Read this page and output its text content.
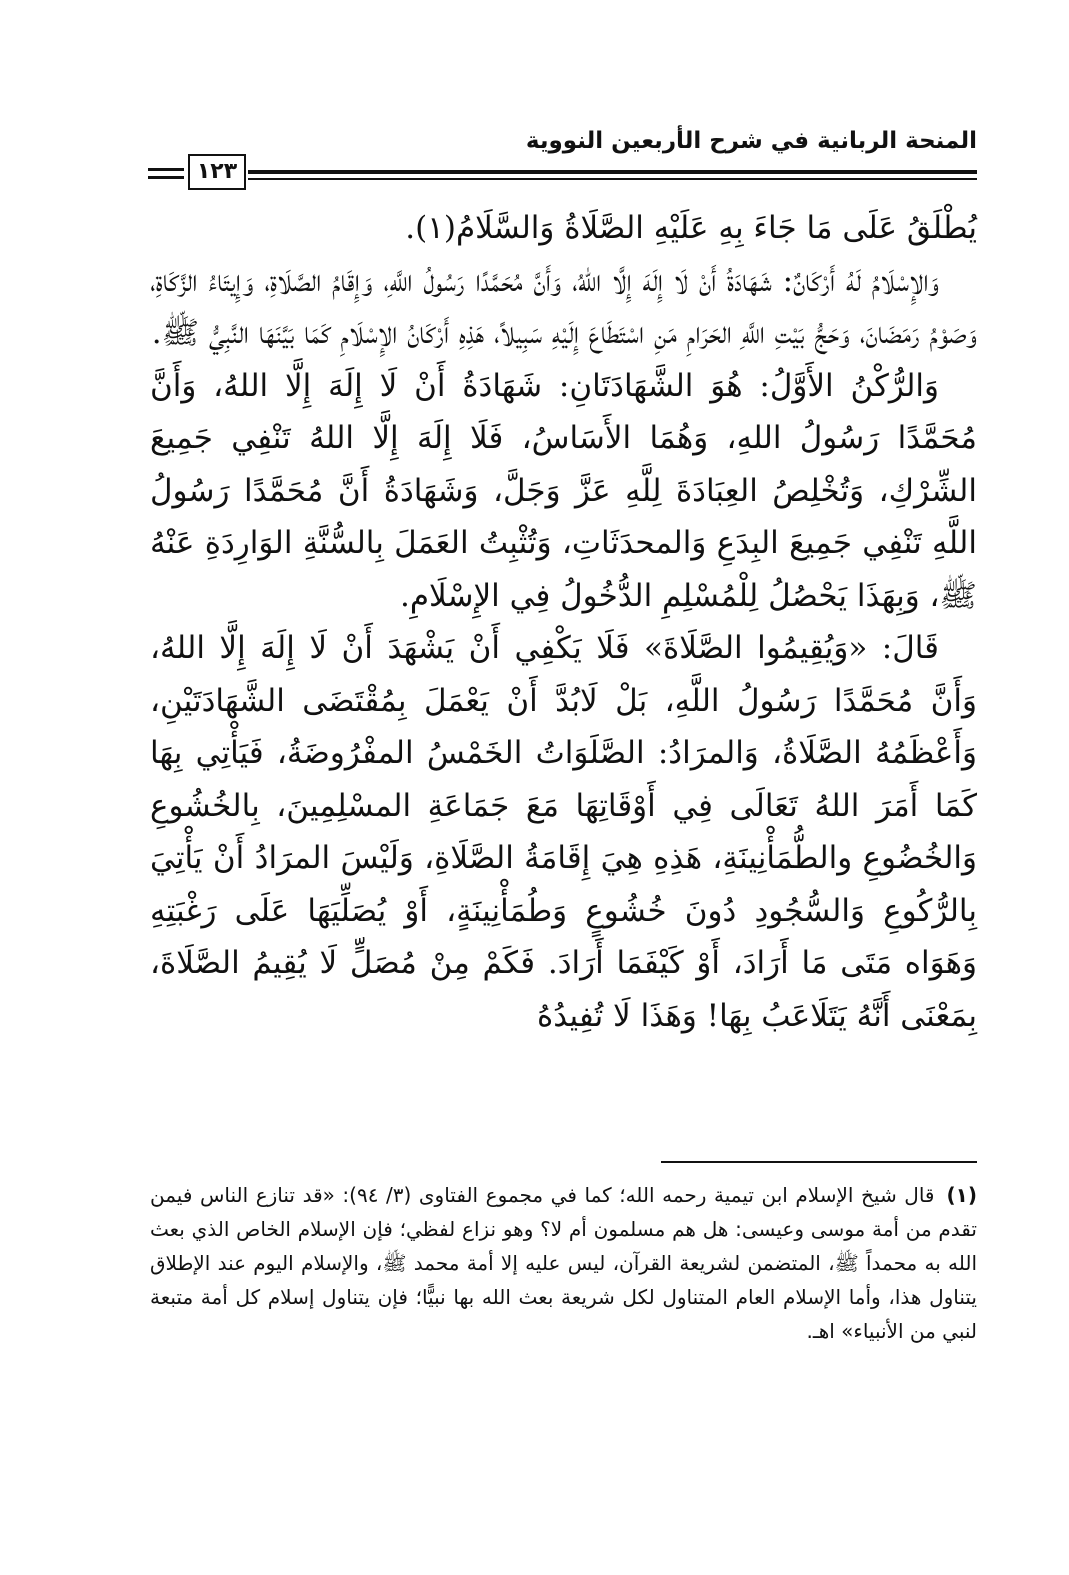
المنحة الربانية في شرح الأربعين النووية
١٢٣

يُطْلَقُ عَلَى مَا جَاءَ بِهِ عَلَيْهِ الصَّلَاةُ وَالسَّلَامُ(١).

وَالإِسْلَامُ لَهُ أَرْكَانٌ: شَهَادَةُ أَنْ لَا إِلَهَ إِلَّا اللهُ، وَأَنَّ مُحَمَّدًا رَسُولُ اللَّهِ، وَإِقَامُ الصَّلَاةِ، وَإِيتَاءُ الزَّكَاةِ، وَصَوْمُ رَمَضَانَ، وَحَجُّ بَيْتِ اللَّهِ الحَرَامِ مَنِ اسْتَطَاعَ إِلَيْهِ سَبِيلاً، هَذِهِ أَرْكَانُ الإِسْلَامِ كَمَا بَيَّنَهَا النَّبِيُّ ﷺ.

وَالرُّكْنُ الأَوَّلُ: هُوَ الشَّهَادَتَانِ: شَهَادَةُ أَنْ لَا إِلَهَ إِلَّا اللهُ، وَأَنَّ مُحَمَّدًا رَسُولُ اللهِ، وَهُمَا الأَسَاسُ، فَلَا إِلَهَ إِلَّا اللهُ تَنْفِي جَمِيعَ الشِّرْكِ، وَتُخْلِصُ العِبَادَةَ لِلَّهِ عَزَّ وَجَلَّ، وَشَهَادَةُ أَنَّ مُحَمَّدًا رَسُولُ اللَّهِ تَنْفِي جَمِيعَ البِدَعِ وَالمحدَثَاتِ، وَتُثْبِتُ العَمَلَ بِالسُّنَّةِ الوَارِدَةِ عَنْهُ ﷺ، وَبِهَذَا يَحْصُلُ لِلْمُسْلِمِ الدُّخُولُ فِي الإِسْلَامِ.

قَالَ: «وَيُقِيمُوا الصَّلَاةَ» فَلَا يَكْفِي أَنْ يَشْهَدَ أَنْ لَا إِلَهَ إِلَّا اللهُ، وَأَنَّ مُحَمَّدًا رَسُولُ اللَّهِ، بَلْ لَابُدَّ أَنْ يَعْمَلَ بِمُقْتَضَى الشَّهَادَتَيْنِ، وَأَعْظَمُهُ الصَّلَاةُ، وَالمرَادُ: الصَّلَوَاتُ الخَمْسُ المفْرُوضَةُ، فَيَأْتِي بِهَا كَمَا أَمَرَ اللهُ تَعَالَى فِي أَوْقَاتِهَا مَعَ جَمَاعَةِ المسْلِمِينَ، بِالخُشُوعِ وَالخُضُوعِ والطُّمَأْنِينَةِ، هَذِهِ هِيَ إِقَامَةُ الصَّلَاةِ، وَلَيْسَ المرَادُ أَنْ يَأْتِيَ بِالرُّكُوعِ وَالسُّجُودِ دُونَ خُشُوعٍ وَطُمَأْنِينَةٍ، أَوْ يُصَلِّيَهَا عَلَى رَغْبَتِهِ وَهَوَاه مَتَى مَا أَرَادَ، أَوْ كَيْفَمَا أَرَادَ. فَكَمْ مِنْ مُصَلٍّ لَا يُقِيمُ الصَّلَاةَ، بِمَعْنَى أَنَّهُ يَتَلَاعَبُ بِهَا! وَهَذَا لَا تُفِيدُهُ

(١)قال شيخ الإسلام ابن تيمية رحمه الله؛ كما في مجموع الفتاوى (٣/ ٩٤): «قد تنازع الناس فيمن تقدم من أمة موسى وعيسى: هل هم مسلمون أم لا؟ وهو نزاع لفظي؛ فإن الإسلام الخاص الذي بعث الله به محمداً ﷺ، المتضمن لشريعة القرآن، ليس عليه إلا أمة محمد ﷺ، والإسلام اليوم عند الإطلاق يتناول هذا، وأما الإسلام العام المتناول لكل شريعة بعث الله بها نبيًّا؛ فإن يتناول إسلام كل أمة متبعة لنبي من الأنبياء» اهـ.
